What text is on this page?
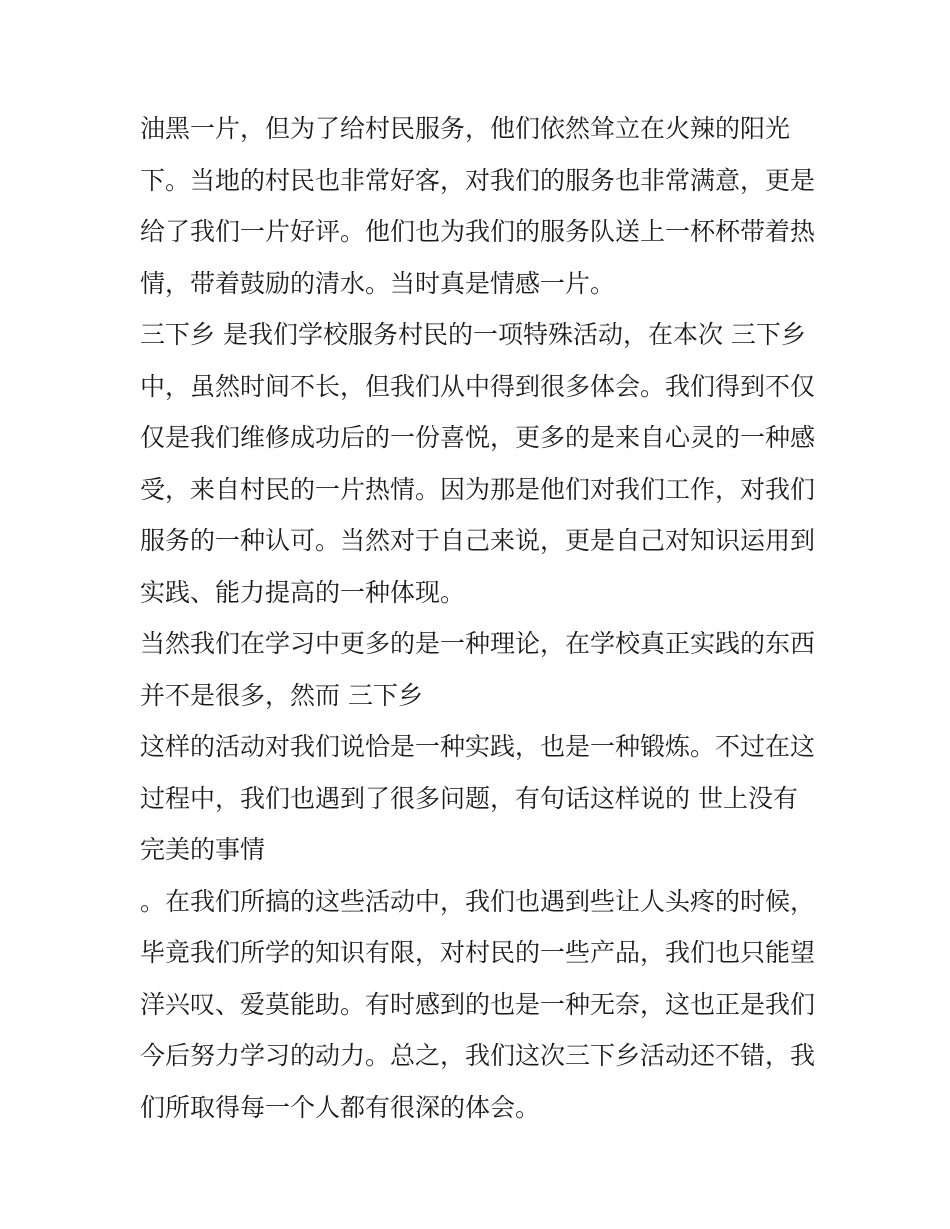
油黑一片，但为了给村民服务，他们依然耸立在火辣的阳光
下。当地的村民也非常好客，对我们的服务也非常满意，更是
给了我们一片好评。他们也为我们的服务队送上一杯杯带着热
情，带着鼓励的清水。当时真是情感一片。
三下乡 是我们学校服务村民的一项特殊活动，在本次 三下乡
中，虽然时间不长，但我们从中得到很多体会。我们得到不仅
仅是我们维修成功后的一份喜悦，更多的是来自心灵的一种感
受，来自村民的一片热情。因为那是他们对我们工作，对我们
服务的一种认可。当然对于自己来说，更是自己对知识运用到
实践、能力提高的一种体现。
当然我们在学习中更多的是一种理论，在学校真正实践的东西
并不是很多，然而 三下乡
这样的活动对我们说恰是一种实践，也是一种锻炼。不过在这
过程中，我们也遇到了很多问题，有句话这样说的 世上没有
完美的事情
。在我们所搞的这些活动中，我们也遇到些让人头疼的时候，
毕竟我们所学的知识有限，对村民的一些产品，我们也只能望
洋兴叹、爱莫能助。有时感到的也是一种无奈，这也正是我们
今后努力学习的动力。总之，我们这次三下乡活动还不错，我
们所取得每一个人都有很深的体会。
